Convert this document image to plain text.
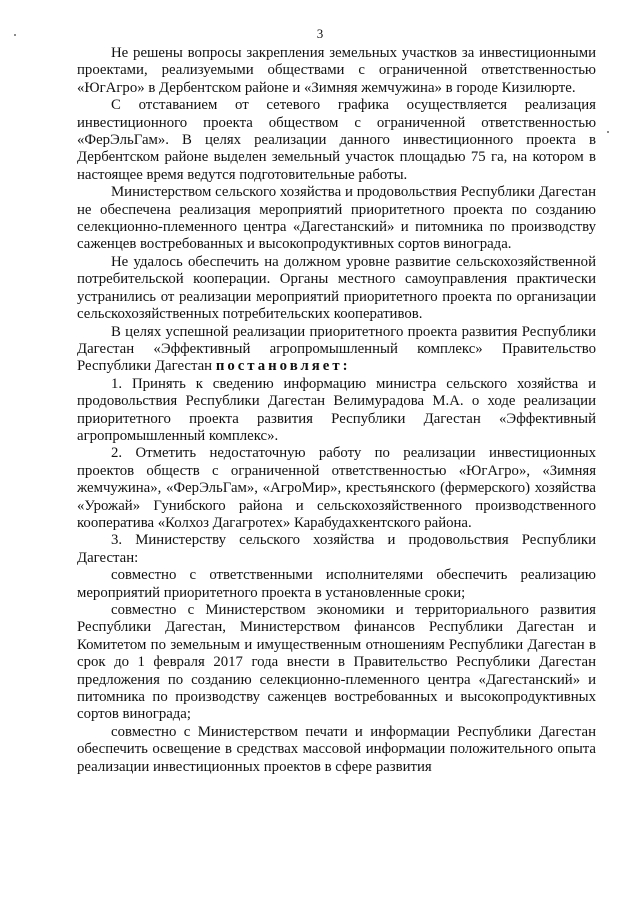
3

Не решены вопросы закрепления земельных участков за инвестиционными проектами, реализуемыми обществами с ограниченной ответственностью «ЮгАгро» в Дербентском районе и «Зимняя жемчужина» в городе Кизилюрте.

С отставанием от сетевого графика осуществляется реализация инвестиционного проекта обществом с ограниченной ответственностью «ФерЭльГам». В целях реализации данного инвестиционного проекта в Дербентском районе выделен земельный участок площадью 75 га, на котором в настоящее время ведутся подготовительные работы.

Министерством сельского хозяйства и продовольствия Республики Дагестан не обеспечена реализация мероприятий приоритетного проекта по созданию селекционно-племенного центра «Дагестанский» и питомника по производству саженцев востребованных и высокопродуктивных сортов винограда.

Не удалось обеспечить на должном уровне развитие сельскохозяйственной потребительской кооперации. Органы местного самоуправления практически устранились от реализации мероприятий приоритетного проекта по организации сельскохозяйственных потребительских кооперативов.

В целях успешной реализации приоритетного проекта развития Республики Дагестан «Эффективный агропромышленный комплекс» Правительство Республики Дагестан постановляет:

1. Принять к сведению информацию министра сельского хозяйства и продовольствия Республики Дагестан Велимурадова М.А. о ходе реализации приоритетного проекта развития Республики Дагестан «Эффективный агропромышленный комплекс».

2. Отметить недостаточную работу по реализации инвестиционных проектов обществ с ограниченной ответственностью «ЮгАгро», «Зимняя жемчужина», «ФерЭльГам», «АгроМир», крестьянского (фермерского) хозяйства «Урожай» Гунибского района и сельскохозяйственного производственного кооператива «Колхоз Дагагротех» Карабудахкентского района.

3. Министерству сельского хозяйства и продовольствия Республики Дагестан:

совместно с ответственными исполнителями обеспечить реализацию мероприятий приоритетного проекта в установленные сроки;

совместно с Министерством экономики и территориального развития Республики Дагестан, Министерством финансов Республики Дагестан и Комитетом по земельным и имущественным отношениям Республики Дагестан в срок до 1 февраля 2017 года внести в Правительство Республики Дагестан предложения по созданию селекционно-племенного центра «Дагестанский» и питомника по производству саженцев востребованных и высокопродуктивных сортов винограда;

совместно с Министерством печати и информации Республики Дагестан обеспечить освещение в средствах массовой информации положительного опыта реализации инвестиционных проектов в сфере развития
